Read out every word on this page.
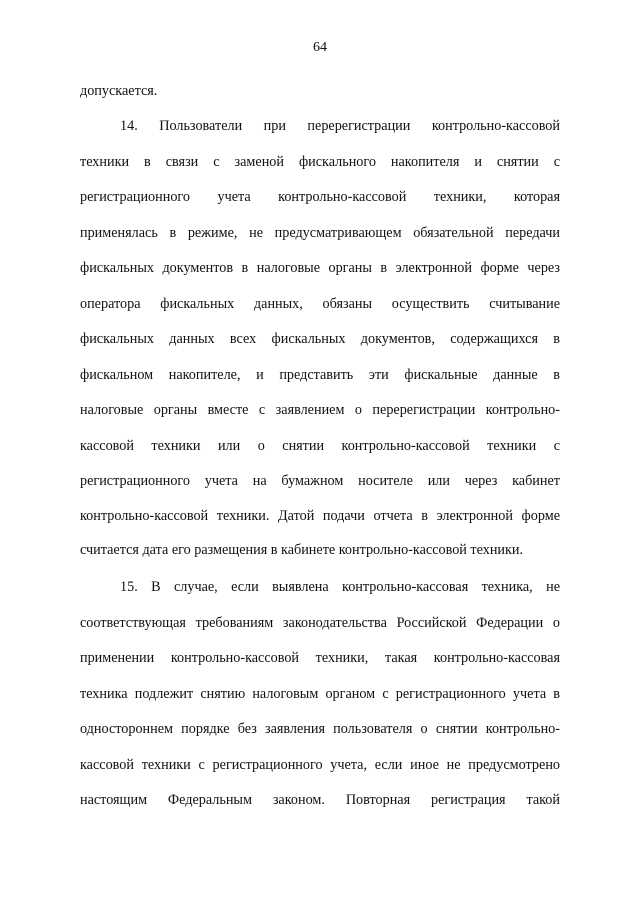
64
допускается.
14. Пользователи при перерегистрации контрольно-кассовой
техники в связи с заменой фискального накопителя и снятии с
регистрационного учета контрольно-кассовой техники, которая
применялась в режиме, не предусматривающем обязательной передачи
фискальных документов в налоговые органы в электронной форме через
оператора фискальных данных, обязаны осуществить считывание
фискальных данных всех фискальных документов, содержащихся в
фискальном накопителе, и представить эти фискальные данные в
налоговые органы вместе с заявлением о перерегистрации контрольно-
кассовой техники или о снятии контрольно-кассовой техники с
регистрационного учета на бумажном носителе или через кабинет
контрольно-кассовой техники. Датой подачи отчета в электронной форме
считается дата его размещения в кабинете контрольно-кассовой техники.
15. В случае, если выявлена контрольно-кассовая техника, не
соответствующая требованиям законодательства Российской Федерации о
применении контрольно-кассовой техники, такая контрольно-кассовая
техника подлежит снятию налоговым органом с регистрационного учета в
одностороннем порядке без заявления пользователя о снятии контрольно-
кассовой техники с регистрационного учета, если иное не предусмотрено
настоящим Федеральным законом. Повторная регистрация такой
